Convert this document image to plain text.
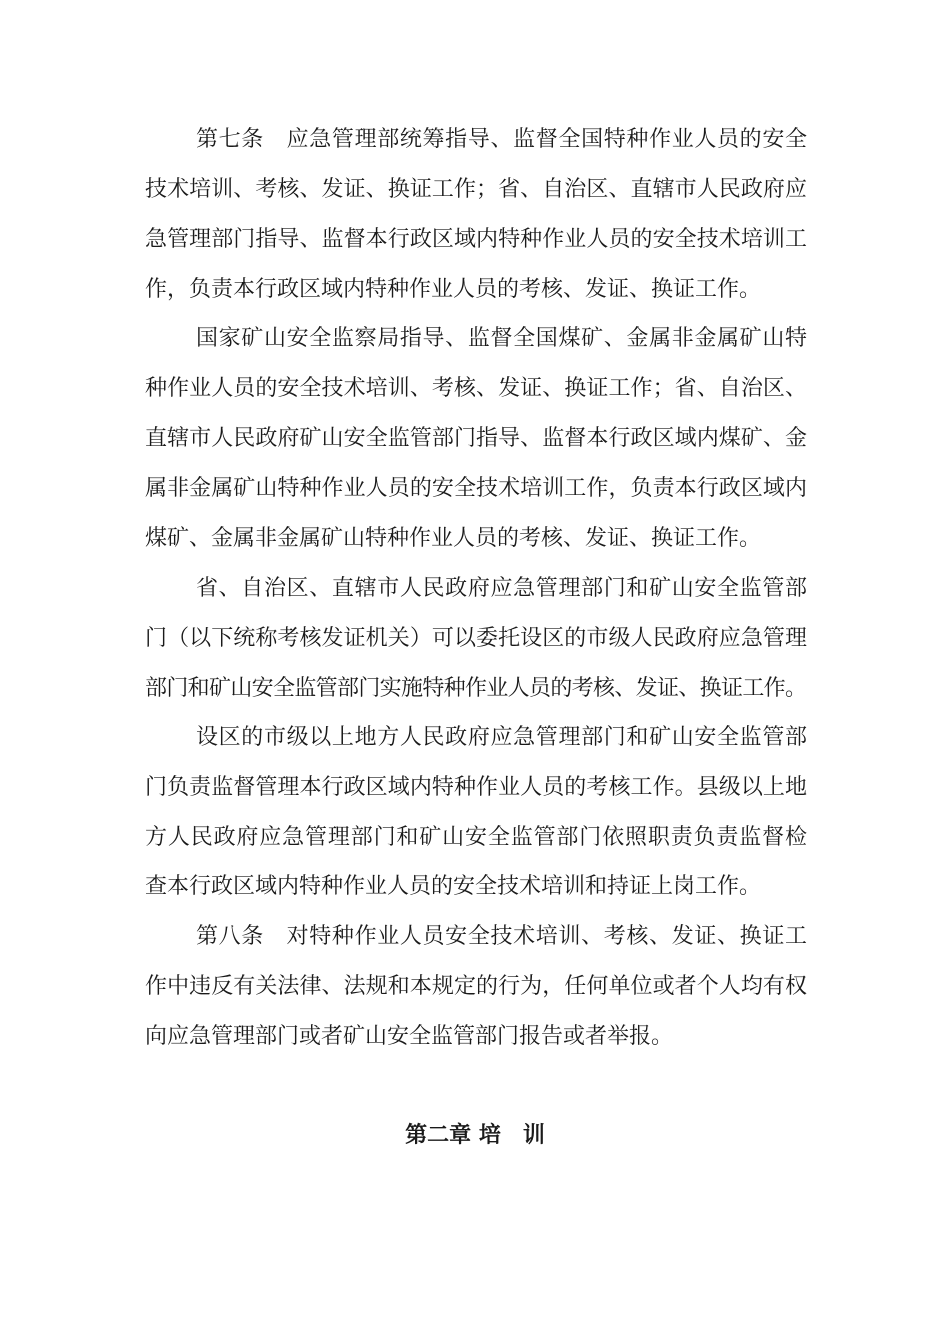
第七条　应急管理部统筹指导、监督全国特种作业人员的安全
技术培训、考核、发证、换证工作；省、自治区、直辖市人民政府应
急管理部门指导、监督本行政区域内特种作业人员的安全技术培训工
作，负责本行政区域内特种作业人员的考核、发证、换证工作。
国家矿山安全监察局指导、监督全国煤矿、金属非金属矿山特
种作业人员的安全技术培训、考核、发证、换证工作；省、自治区、
直辖市人民政府矿山安全监管部门指导、监督本行政区域内煤矿、金
属非金属矿山特种作业人员的安全技术培训工作，负责本行政区域内
煤矿、金属非金属矿山特种作业人员的考核、发证、换证工作。
省、自治区、直辖市人民政府应急管理部门和矿山安全监管部
门（以下统称考核发证机关）可以委托设区的市级人民政府应急管理
部门和矿山安全监管部门实施特种作业人员的考核、发证、换证工作。
设区的市级以上地方人民政府应急管理部门和矿山安全监管部
门负责监督管理本行政区域内特种作业人员的考核工作。县级以上地
方人民政府应急管理部门和矿山安全监管部门依照职责负责监督检
查本行政区域内特种作业人员的安全技术培训和持证上岗工作。
第八条　对特种作业人员安全技术培训、考核、发证、换证工
作中违反有关法律、法规和本规定的行为，任何单位或者个人均有权
向应急管理部门或者矿山安全监管部门报告或者举报。
第二章 培　训
